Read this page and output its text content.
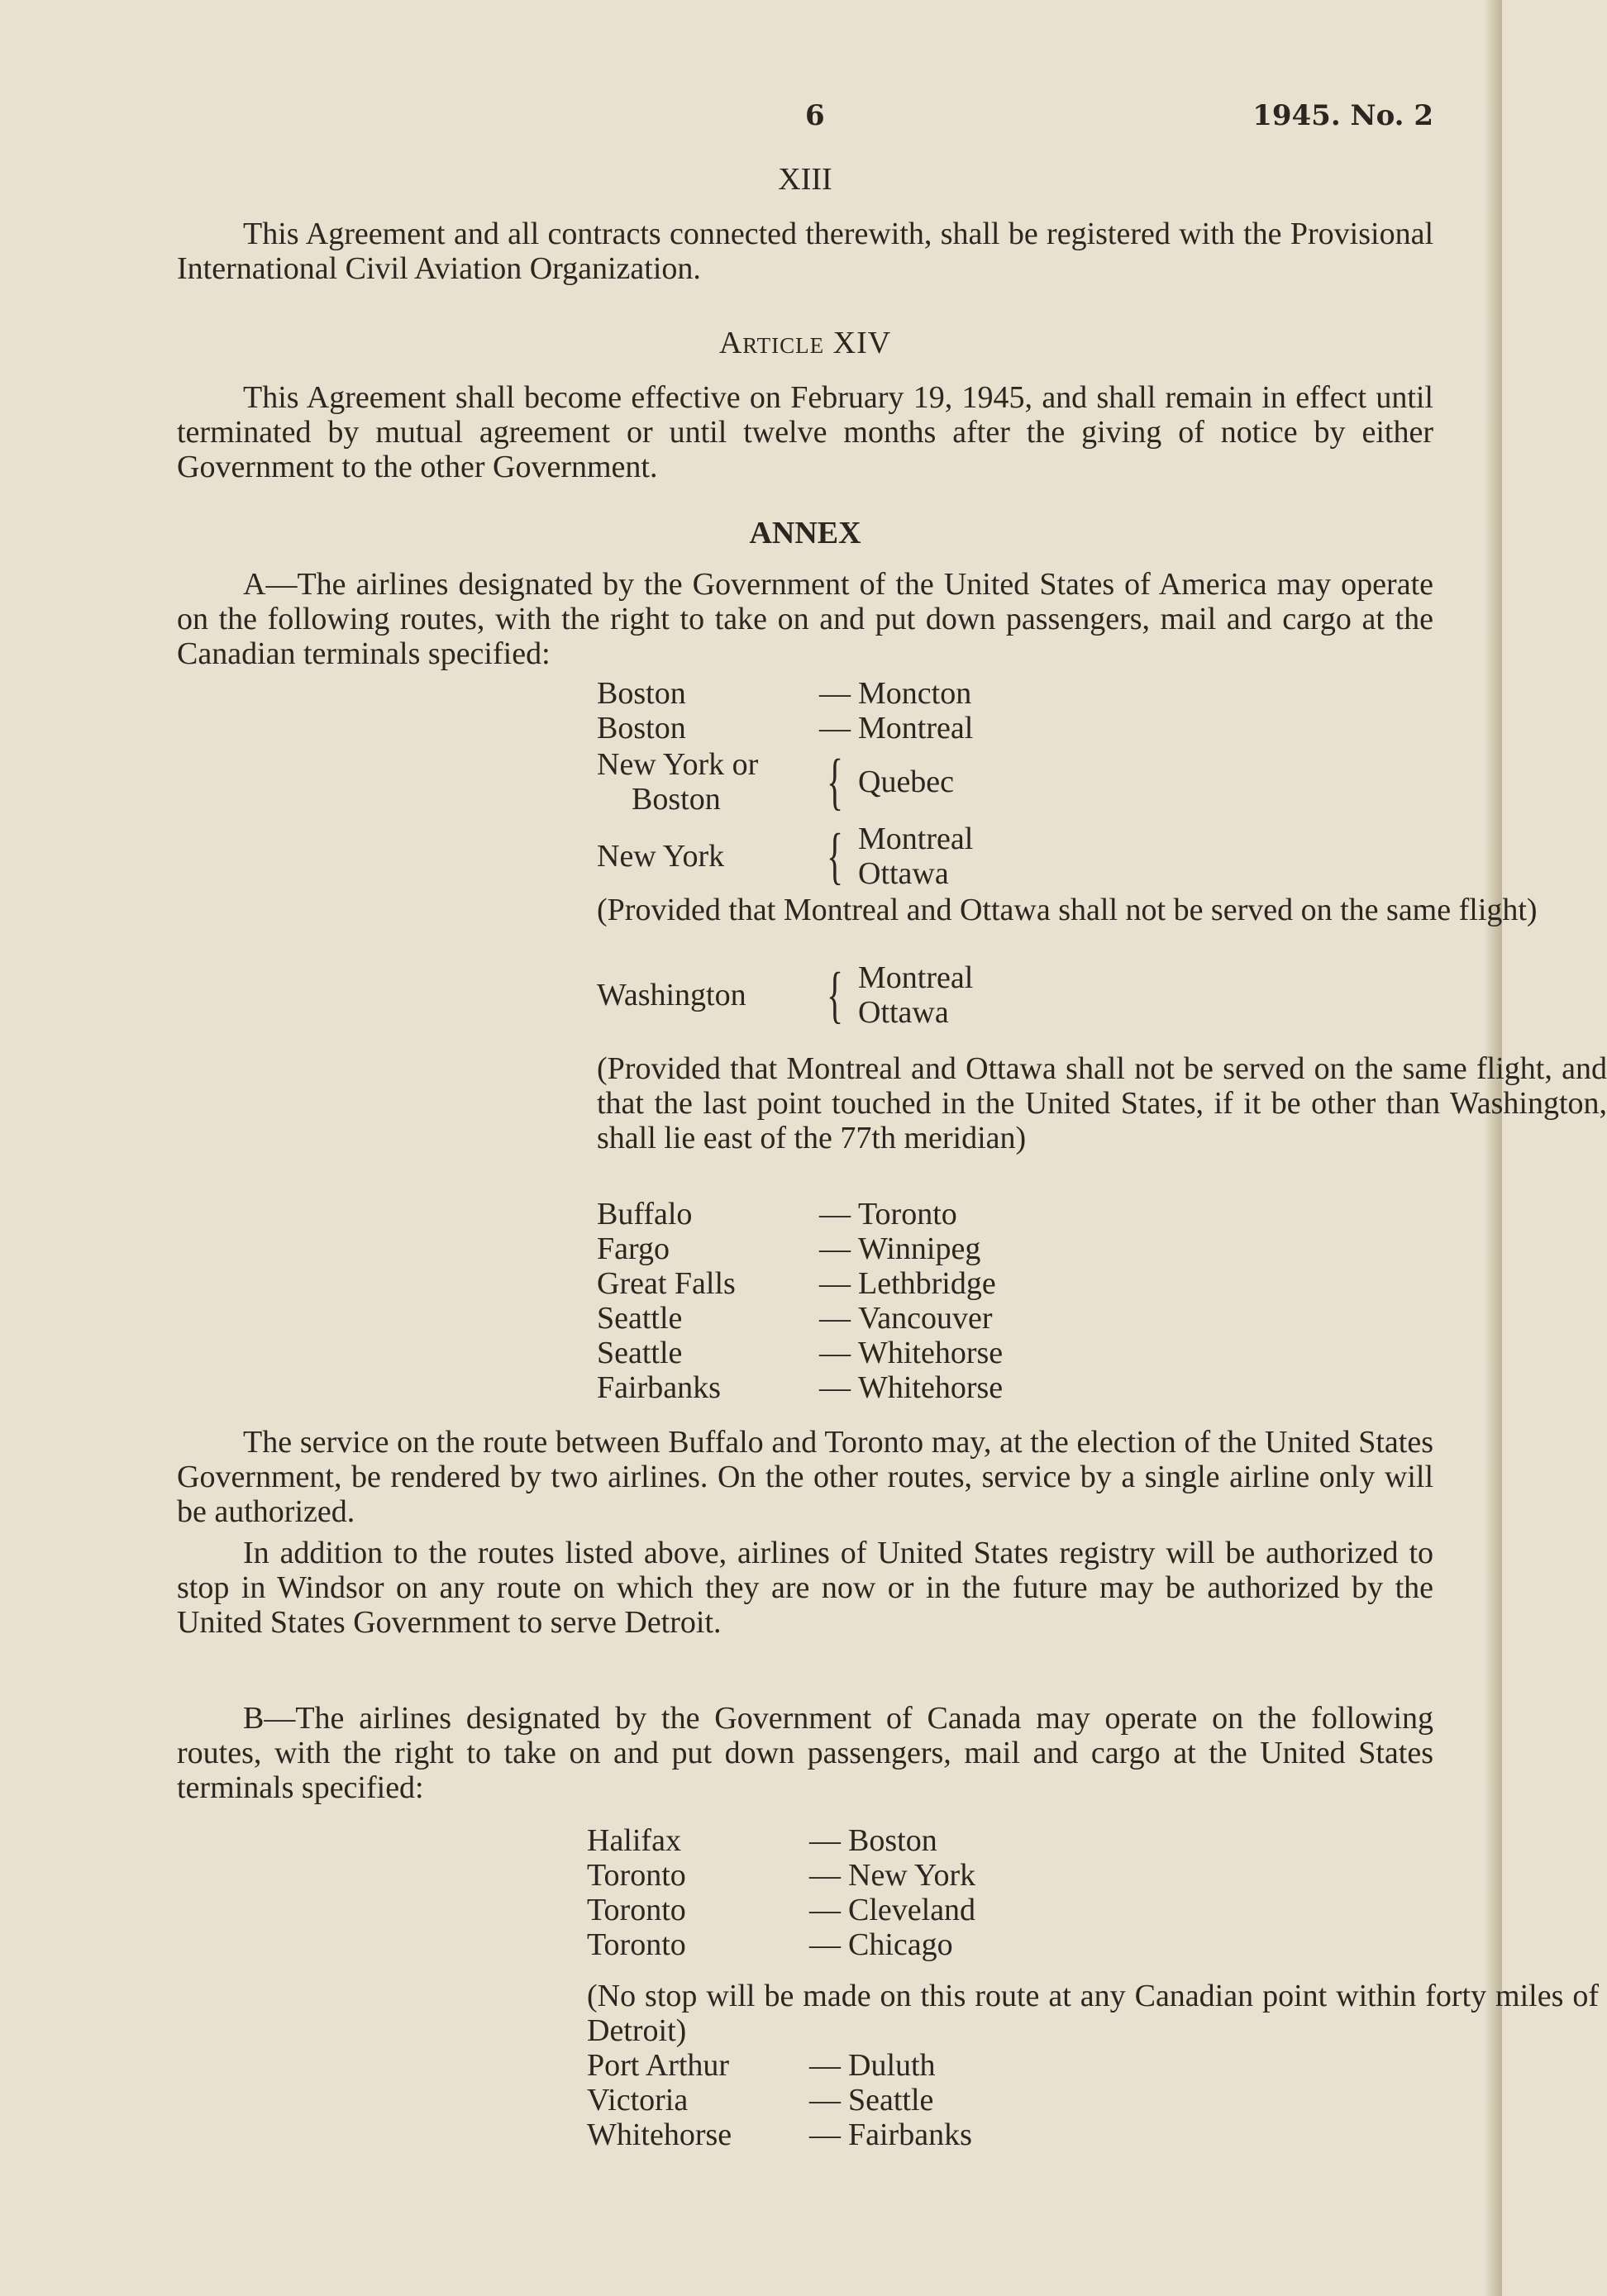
6	1945. No. 2
XIII
This Agreement and all contracts connected therewith, shall be registered with the Provisional International Civil Aviation Organization.
Article XIV
This Agreement shall become effective on February 19, 1945, and shall remain in effect until terminated by mutual agreement or until twelve months after the giving of notice by either Government to the other Government.
ANNEX
A—The airlines designated by the Government of the United States of America may operate on the following routes, with the right to take on and put down passengers, mail and cargo at the Canadian terminals specified:
Boston	— Moncton
Boston	— Montreal
New York or
Boston	{ Quebec
New York	{ Montreal
Ottawa
(Provided that Montreal and Ottawa shall not be served on the same flight)
Washington	{ Montreal
Ottawa
(Provided that Montreal and Ottawa shall not be served on the same flight, and that the last point touched in the United States, if it be other than Washington, shall lie east of the 77th meridian)
Buffalo	— Toronto
Fargo	— Winnipeg
Great Falls	— Lethbridge
Seattle	— Vancouver
Seattle	— Whitehorse
Fairbanks	— Whitehorse
The service on the route between Buffalo and Toronto may, at the election of the United States Government, be rendered by two airlines. On the other routes, service by a single airline only will be authorized.
In addition to the routes listed above, airlines of United States registry will be authorized to stop in Windsor on any route on which they are now or in the future may be authorized by the United States Government to serve Detroit.
B—The airlines designated by the Government of Canada may operate on the following routes, with the right to take on and put down passengers, mail and cargo at the United States terminals specified:
Halifax	— Boston
Toronto	— New York
Toronto	— Cleveland
Toronto	— Chicago
(No stop will be made on this route at any Canadian point within forty miles of Detroit)
Port Arthur	— Duluth
Victoria	— Seattle
Whitehorse	— Fairbanks
